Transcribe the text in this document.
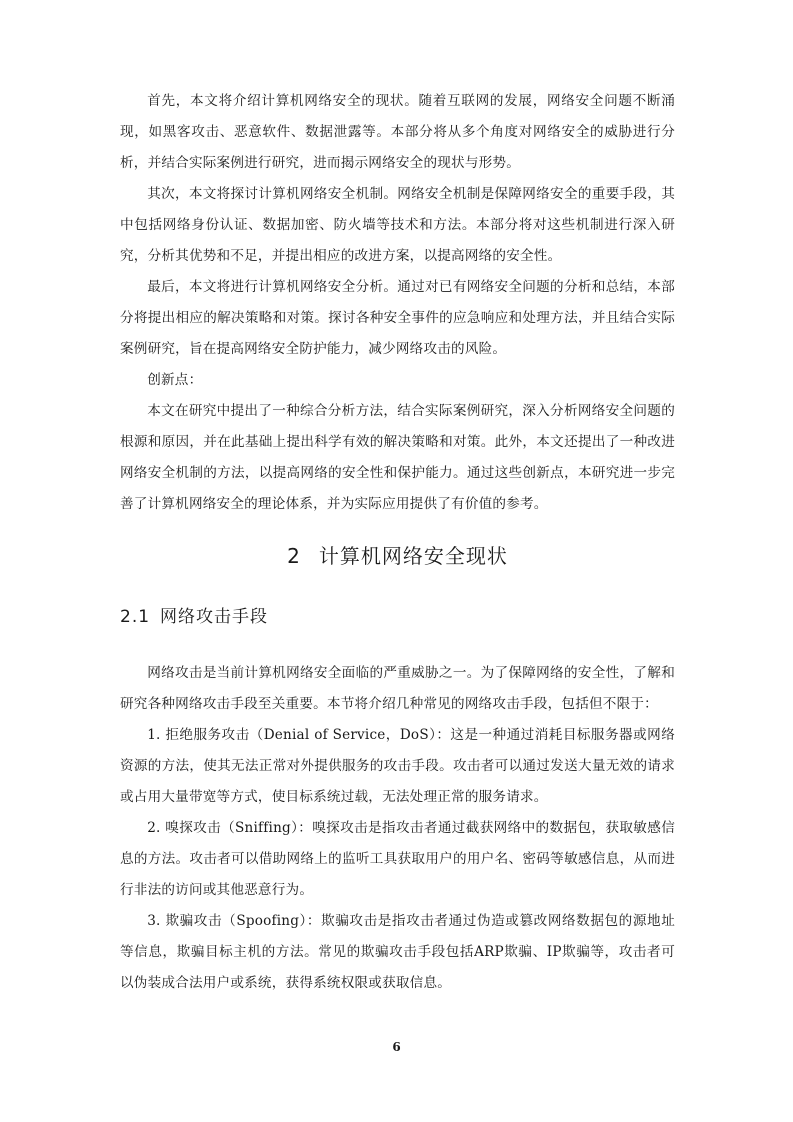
首先，本文将介绍计算机网络安全的现状。随着互联网的发展，网络安全问题不断涌现，如黑客攻击、恶意软件、数据泄露等。本部分将从多个角度对网络安全的威胁进行分析，并结合实际案例进行研究，进而揭示网络安全的现状与形势。

其次，本文将探讨计算机网络安全机制。网络安全机制是保障网络安全的重要手段，其中包括网络身份认证、数据加密、防火墙等技术和方法。本部分将对这些机制进行深入研究，分析其优势和不足，并提出相应的改进方案，以提高网络的安全性。

最后，本文将进行计算机网络安全分析。通过对已有网络安全问题的分析和总结，本部分将提出相应的解决策略和对策。探讨各种安全事件的应急响应和处理方法，并且结合实际案例研究，旨在提高网络安全防护能力，减少网络攻击的风险。

创新点：

本文在研究中提出了一种综合分析方法，结合实际案例研究，深入分析网络安全问题的根源和原因，并在此基础上提出科学有效的解决策略和对策。此外，本文还提出了一种改进网络安全机制的方法，以提高网络的安全性和保护能力。通过这些创新点，本研究进一步完善了计算机网络安全的理论体系，并为实际应用提供了有价值的参考。

2 计算机网络安全现状
2.1 网络攻击手段

网络攻击是当前计算机网络安全面临的严重威胁之一。为了保障网络的安全性，了解和研究各种网络攻击手段至关重要。本节将介绍几种常见的网络攻击手段，包括但不限于：

1. 拒绝服务攻击（Denial of Service，DoS）：这是一种通过消耗目标服务器或网络资源的方法，使其无法正常对外提供服务的攻击手段。攻击者可以通过发送大量无效的请求或占用大量带宽等方式，使目标系统过载，无法处理正常的服务请求。

2. 嗅探攻击（Sniffing）：嗅探攻击是指攻击者通过截获网络中的数据包，获取敏感信息的方法。攻击者可以借助网络上的监听工具获取用户的用户名、密码等敏感信息，从而进行非法的访问或其他恶意行为。

3. 欺骗攻击（Spoofing）：欺骗攻击是指攻击者通过伪造或篡改网络数据包的源地址等信息，欺骗目标主机的方法。常见的欺骗攻击手段包括ARP欺骗、IP欺骗等，攻击者可以伪装成合法用户或系统，获得系统权限或获取信息。

6
